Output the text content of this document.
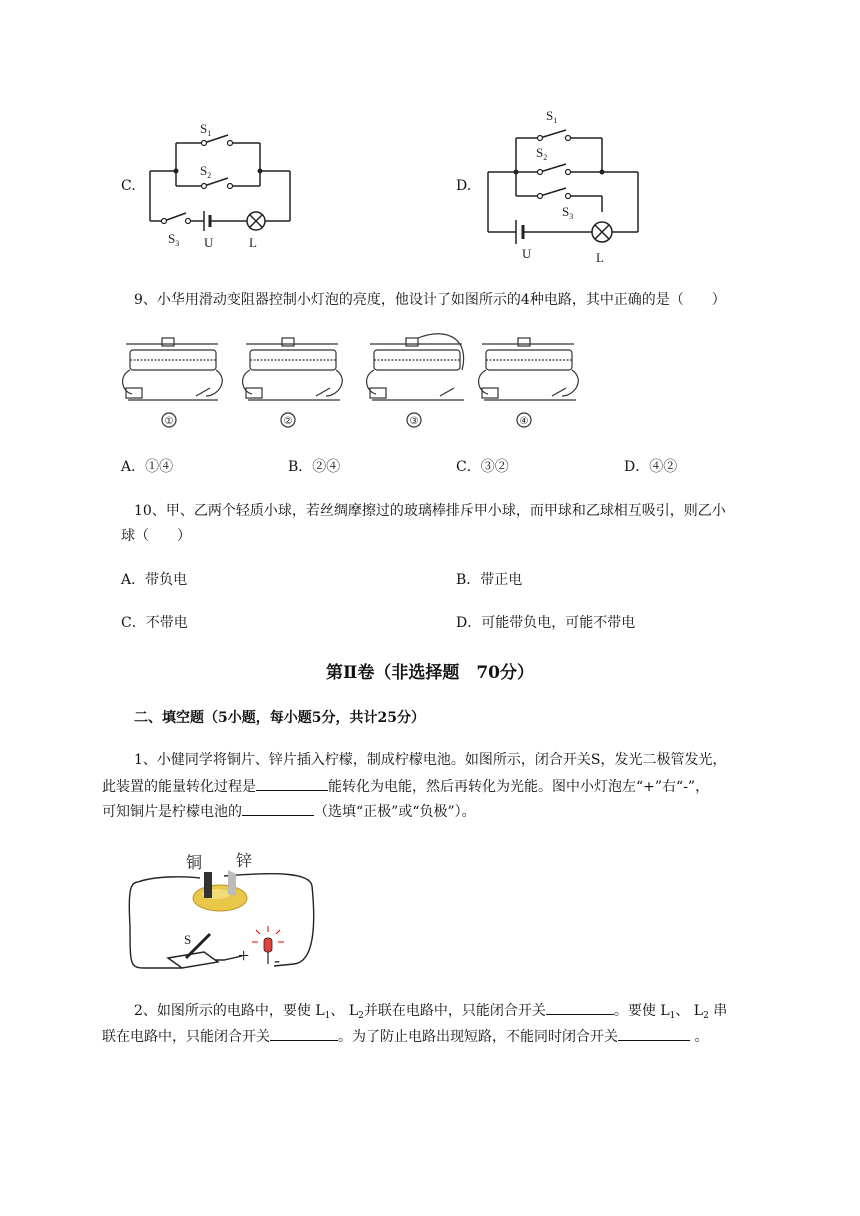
C.
$S_1$
$S_2$
$S_3$ U	L
D.
$S_1$
$S_2$
$S_3$
U	L
9、小华用滑动变阻器控制小灯泡的亮度，他设计了如图所示的4种电路，其中正确的是（　　）
①	②	③	④
A．①④	B．②④	C．③②	D．④②
10、甲、乙两个轻质小球，若丝绸摩擦过的玻璃棒排斥甲小球，而甲球和乙球相互吸引，则乙小
球（　　）
A．带负电	B．带正电
C．不带电	D．可能带负电，可能不带电
第Ⅱ卷（非选择题　70分）
二、填空题（5小题，每小题5分，共计25分）
1、小健同学将铜片、锌片插入柠檬，制成柠檬电池。如图所示，闭合开关S，发光二极管发光，
此装置的能量转化过程是	能转化为电能，然后再转化为光能。图中小灯泡左“+”右“-”，
可知铜片是柠檬电池的	（选填“正极”或“负极”）。
铜 锌
S
+ -
2、如图所示的电路中，要使 $L_1$、 $L_2$并联在电路中，只能闭合开关	。要使 $L_1$、 $L_2$ 串
联在电路中，只能闭合开关	。为了防止电路出现短路，不能同时闭合开关	。
